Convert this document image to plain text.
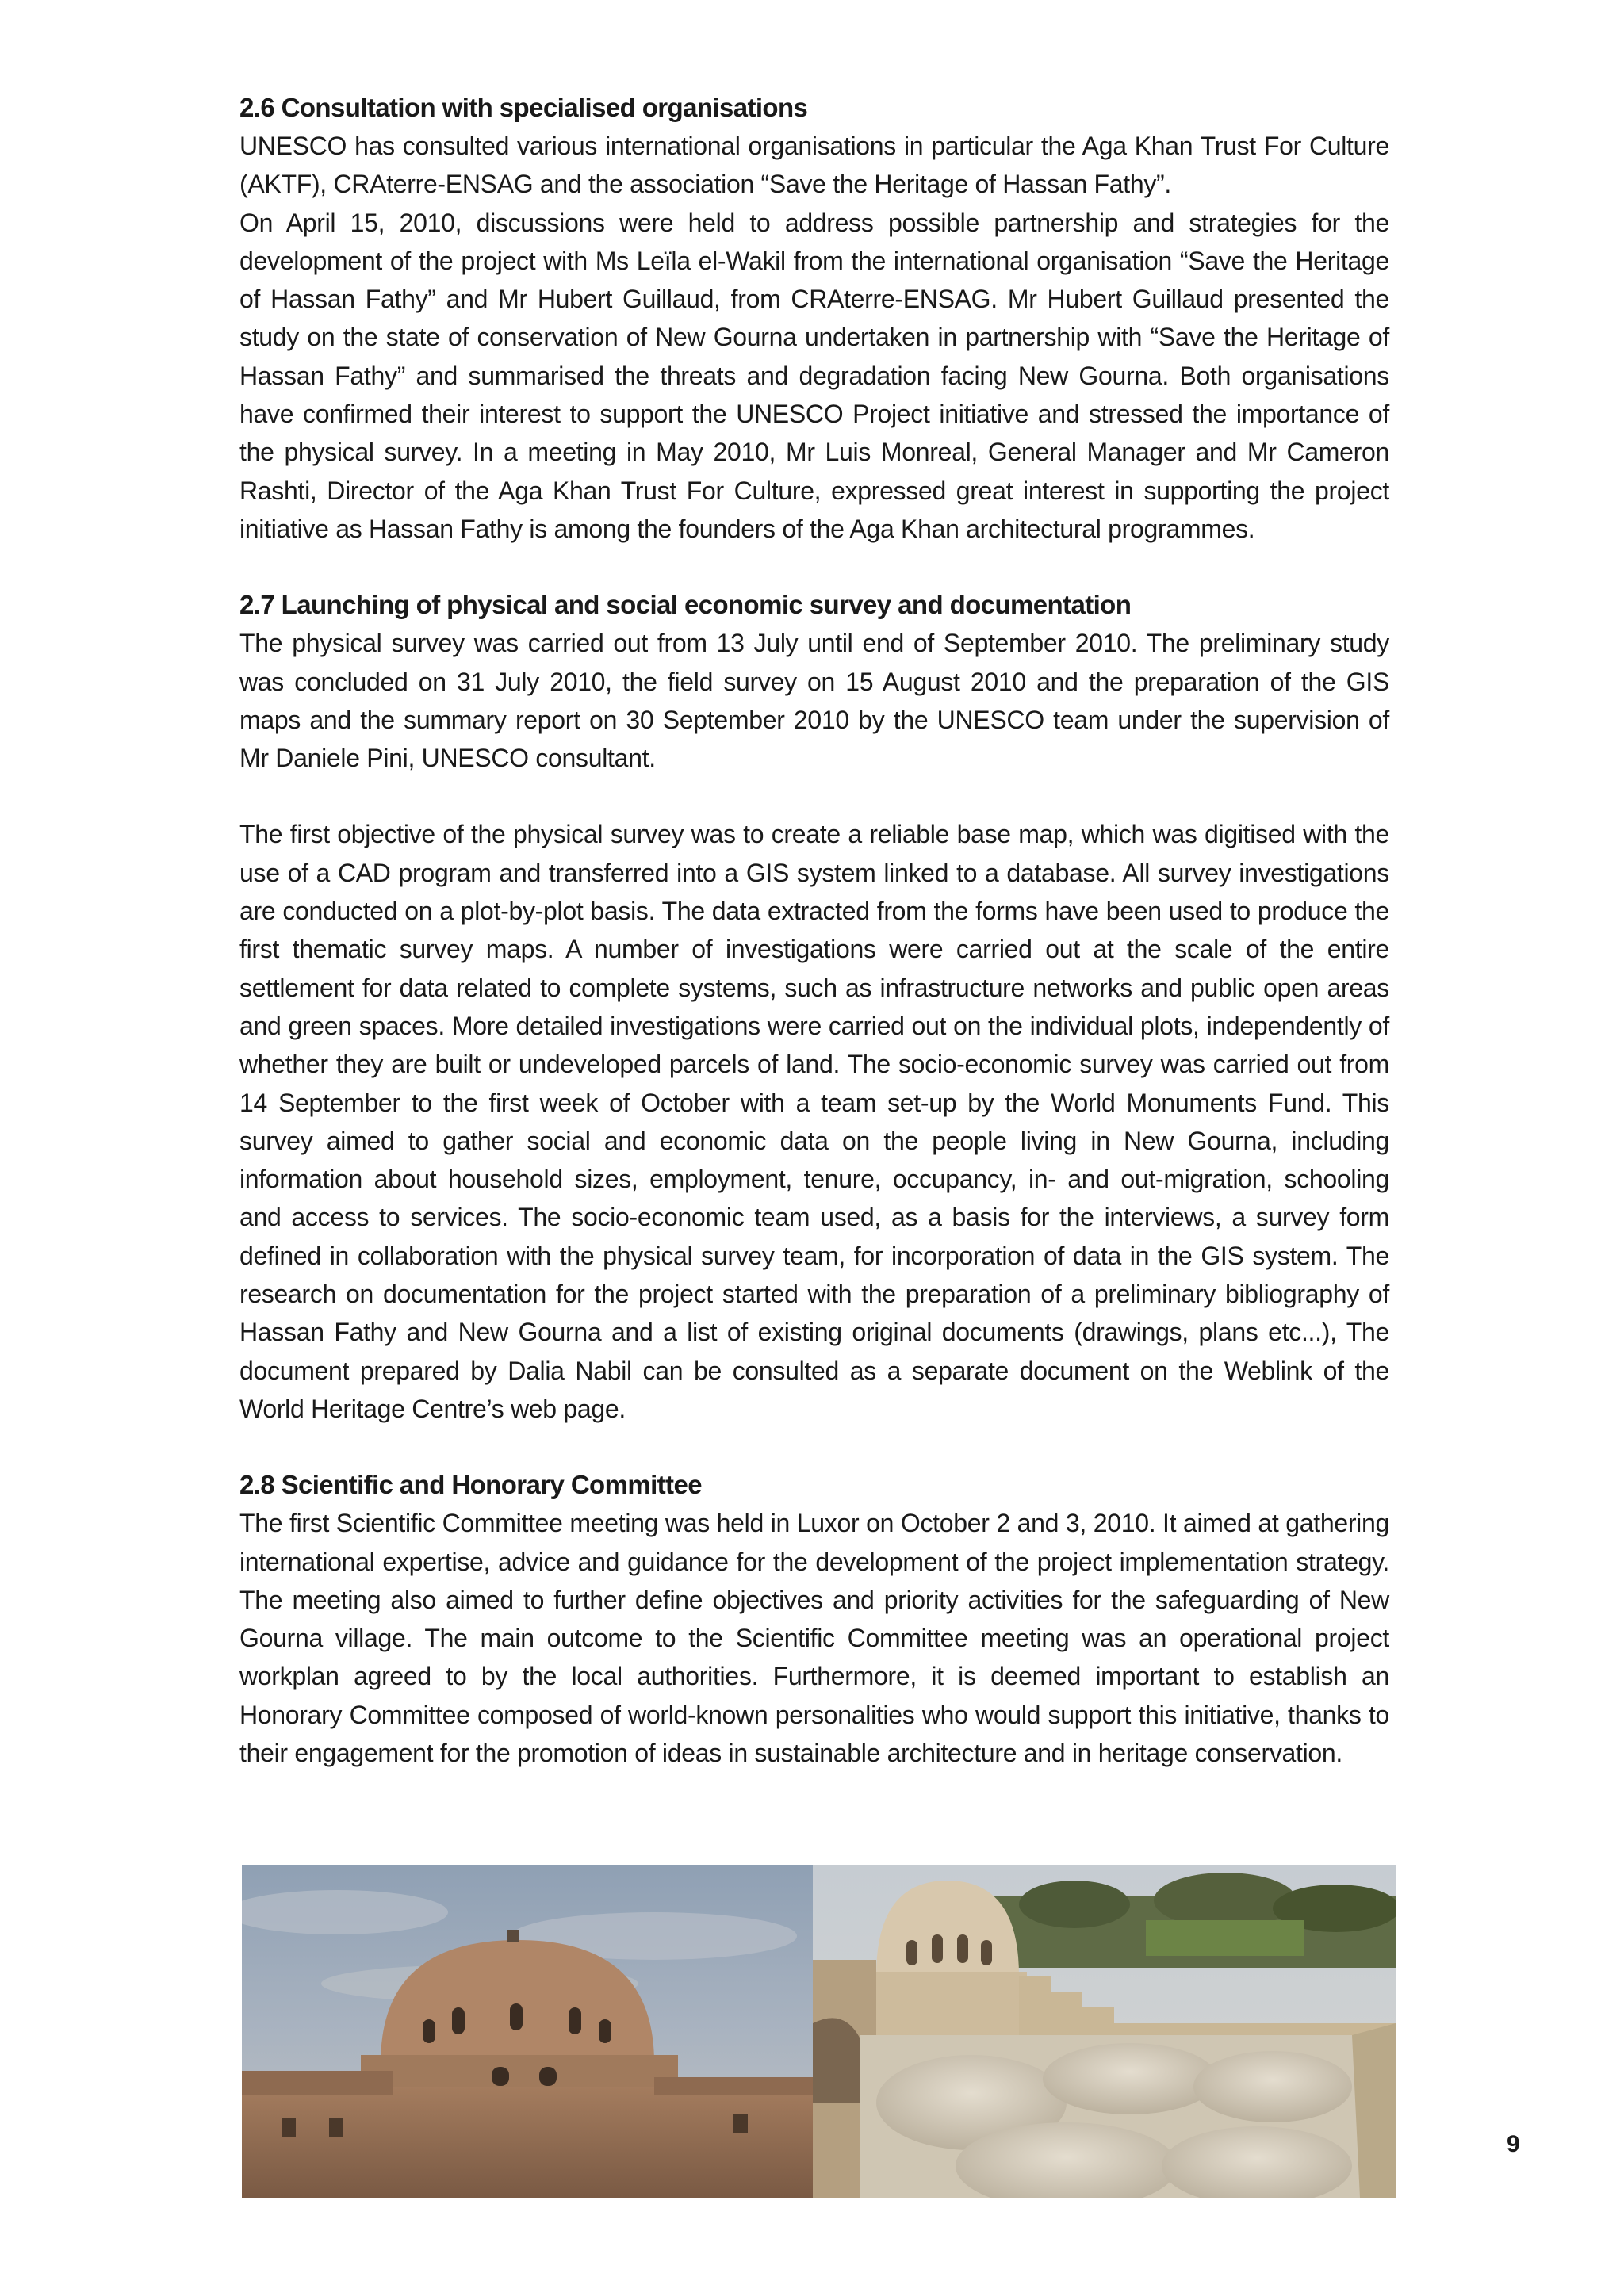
2.6 Consultation with specialised organisations

UNESCO has consulted various international organisations in particular the Aga Khan Trust For Culture (AKTF), CRAterre-ENSAG and the association “Save the Heritage of Hassan Fathy”.

On April 15, 2010, discussions were held to address possible partnership and strategies for the development of the project with Ms Leïla el-Wakil from the international organisation “Save the Heritage of Hassan Fathy” and Mr Hubert Guillaud, from CRAterre-ENSAG. Mr Hubert Guillaud presented the study on the state of conservation of New Gourna undertaken in partnership with “Save the Heritage of Hassan Fathy” and summarised the threats and degradation facing New Gourna. Both organisations have confirmed their interest to support the UNESCO Project initiative and stressed the importance of the physical survey. In a meeting in May 2010, Mr Luis Monreal, General Manager and Mr Cameron Rashti, Director of the Aga Khan Trust For Culture, expressed great interest in supporting the project initiative as Hassan Fathy is among the founders of the Aga Khan architectural programmes.

2.7 Launching of physical and social economic survey and documentation

The physical survey was carried out from 13 July until end of September 2010. The preliminary study was concluded on 31 July 2010, the field survey on 15 August 2010 and the preparation of the GIS maps and the summary report on 30 September 2010 by the UNESCO team under the supervision of Mr Daniele Pini, UNESCO consultant.

The first objective of the physical survey was to create a reliable base map, which was digitised with the use of a CAD program and transferred into a GIS system linked to a database. All survey investigations are conducted on a plot-by-plot basis. The data extracted from the forms have been used to produce the first thematic survey maps. A number of investigations were carried out at the scale of the entire settlement for data related to complete systems, such as infrastructure networks and public open areas and green spaces. More detailed investigations were carried out on the individual plots, independently of whether they are built or undeveloped parcels of land. The socio-economic survey was carried out from 14 September to the first week of October with a team set-up by the World Monuments Fund. This survey aimed to gather social and economic data on the people living in New Gourna, including information about household sizes, employment, tenure, occupancy, in- and out-migration, schooling and access to services. The socio-economic team used, as a basis for the interviews, a survey form defined in collaboration with the physical survey team, for incorporation of data in the GIS system. The research on documentation for the project started with the preparation of a preliminary bibliography of Hassan Fathy and New Gourna and a list of existing original documents (drawings, plans etc...), The document prepared by Dalia Nabil can be consulted as a separate document on the Weblink of the World Heritage Centre’s web page.

2.8 Scientific and Honorary Committee

The first Scientific Committee meeting was held in Luxor on October 2 and 3, 2010. It aimed at gathering international expertise, advice and guidance for the development of the project implementation strategy. The meeting also aimed to further define objectives and priority activities for the safeguarding of New Gourna village. The main outcome to the Scientific Committee meeting was an operational project workplan agreed to by the local authorities. Furthermore, it is deemed important to establish an Honorary Committee composed of world-known personalities who would support this initiative, thanks to their engagement for the promotion of ideas in sustainable architecture and in heritage conservation.

9
